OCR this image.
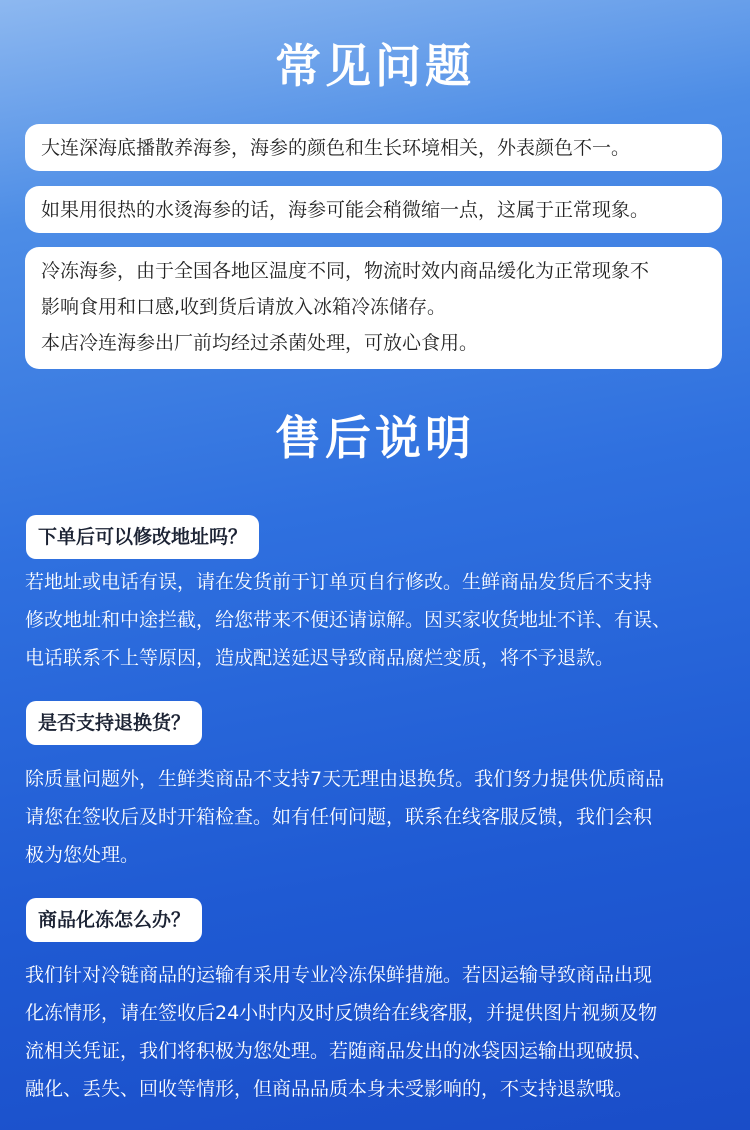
常见问题
大连深海底播散养海参，海参的颜色和生长环境相关，外表颜色不一。
如果用很热的水烫海参的话，海参可能会稍微缩一点，这属于正常现象。
冷冻海参，由于全国各地区温度不同，物流时效内商品缓化为正常现象不
影响食用和口感,收到货后请放入冰箱冷冻储存。
本店冷连海参出厂前均经过杀菌处理，可放心食用。
售后说明
下单后可以修改地址吗？
若地址或电话有误，请在发货前于订单页自行修改。生鲜商品发货后不支持
修改地址和中途拦截，给您带来不便还请谅解。因买家收货地址不详、有误、
电话联系不上等原因，造成配送延迟导致商品腐烂变质，将不予退款。
是否支持退换货？
除质量问题外，生鲜类商品不支持7天无理由退换货。我们努力提供优质商品
请您在签收后及时开箱检查。如有任何问题，联系在线客服反馈，我们会积
极为您处理。
商品化冻怎么办？
我们针对冷链商品的运输有采用专业冷冻保鲜措施。若因运输导致商品出现
化冻情形，请在签收后24小时内及时反馈给在线客服，并提供图片视频及物
流相关凭证，我们将积极为您处理。若随商品发出的冰袋因运输出现破损、
融化、丢失、回收等情形，但商品品质本身未受影响的，不支持退款哦。
